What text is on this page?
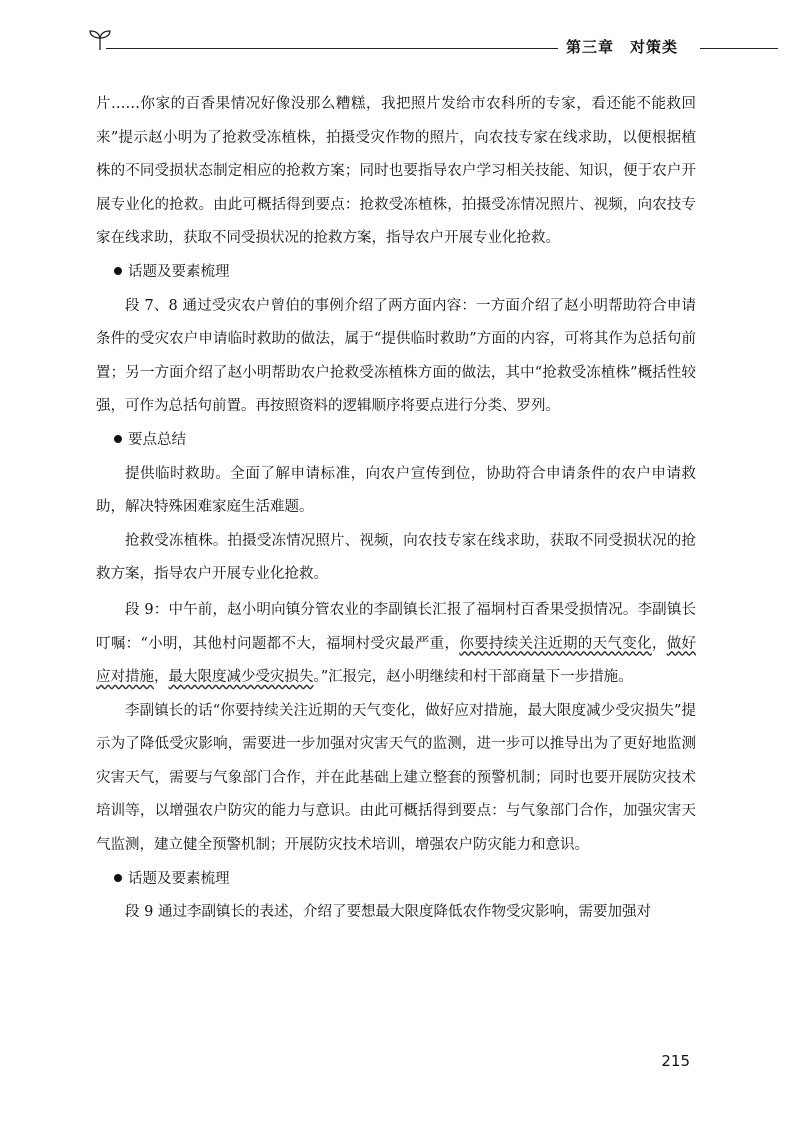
第三章　对策类

片……你家的百香果情况好像没那么糟糕，我把照片发给市农科所的专家，看还能不能救回来”提示赵小明为了抢救受冻植株，拍摄受灾作物的照片，向农技专家在线求助，以便根据植株的不同受损状态制定相应的抢救方案；同时也要指导农户学习相关技能、知识，便于农户开展专业化的抢救。由此可概括得到要点：抢救受冻植株，拍摄受冻情况照片、视频，向农技专家在线求助，获取不同受损状况的抢救方案，指导农户开展专业化抢救。

话题及要素梳理

段 7、8 通过受灾农户曾伯的事例介绍了两方面内容：一方面介绍了赵小明帮助符合申请条件的受灾农户申请临时救助的做法，属于“提供临时救助”方面的内容，可将其作为总括句前置；另一方面介绍了赵小明帮助农户抢救受冻植株方面的做法，其中“抢救受冻植株”概括性较强，可作为总括句前置。再按照资料的逻辑顺序将要点进行分类、罗列。

要点总结

提供临时救助。全面了解申请标准，向农户宣传到位，协助符合申请条件的农户申请救助，解决特殊困难家庭生活难题。

抢救受冻植株。拍摄受冻情况照片、视频，向农技专家在线求助，获取不同受损状况的抢救方案，指导农户开展专业化抢救。

段 9：中午前，赵小明向镇分管农业的李副镇长汇报了福垌村百香果受损情况。李副镇长叮嘱：“小明，其他村问题都不大，福垌村受灾最严重，你要持续关注近期的天气变化，做好应对措施，最大限度减少受灾损失。”汇报完，赵小明继续和村干部商量下一步措施。

李副镇长的话“你要持续关注近期的天气变化，做好应对措施，最大限度减少受灾损失”提示为了降低受灾影响，需要进一步加强对灾害天气的监测，进一步可以推导出为了更好地监测灾害天气，需要与气象部门合作，并在此基础上建立整套的预警机制；同时也要开展防灾技术培训等，以增强农户防灾的能力与意识。由此可概括得到要点：与气象部门合作，加强灾害天气监测，建立健全预警机制；开展防灾技术培训，增强农户防灾能力和意识。

话题及要素梳理

段 9 通过李副镇长的表述，介绍了要想最大限度降低农作物受灾影响，需要加强对

215
